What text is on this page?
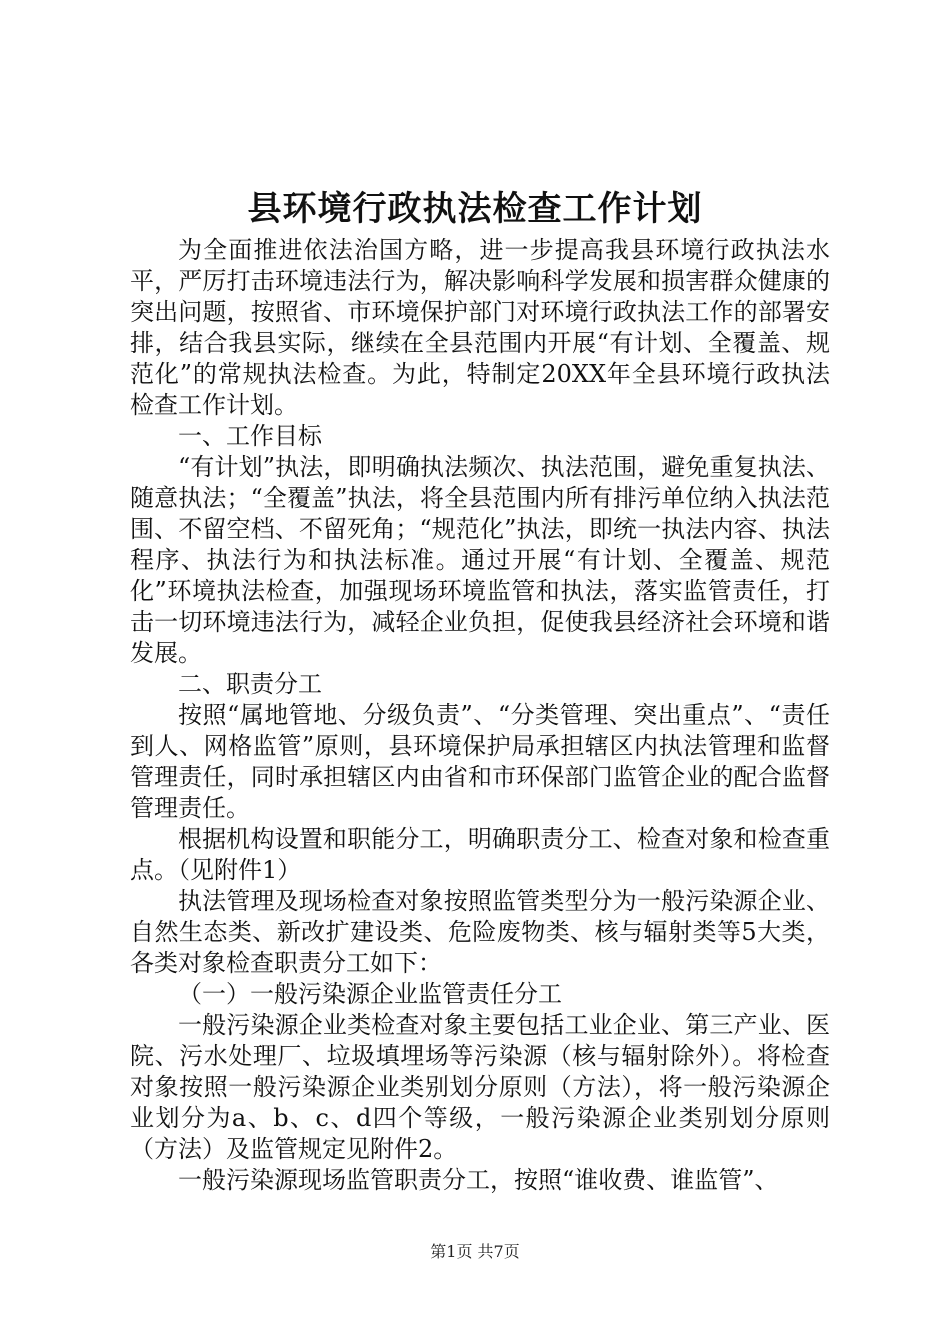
县环境行政执法检查工作计划

为全面推进依法治国方略，进一步提高我县环境行政执法水平，严厉打击环境违法行为，解决影响科学发展和损害群众健康的突出问题，按照省、市环境保护部门对环境行政执法工作的部署安排，结合我县实际，继续在全县范围内开展“有计划、全覆盖、规范化”的常规执法检查。为此，特制定20XX年全县环境行政执法检查工作计划。

一、工作目标

“有计划”执法，即明确执法频次、执法范围，避免重复执法、随意执法；“全覆盖”执法，将全县范围内所有排污单位纳入执法范围、不留空档、不留死角；“规范化”执法，即统一执法内容、执法程序、执法行为和执法标准。通过开展“有计划、全覆盖、规范化”环境执法检查，加强现场环境监管和执法，落实监管责任，打击一切环境违法行为，减轻企业负担，促使我县经济社会环境和谐发展。

二、职责分工

按照“属地管地、分级负责”、“分类管理、突出重点”、“责任到人、网格监管”原则，县环境保护局承担辖区内执法管理和监督管理责任，同时承担辖区内由省和市环保部门监管企业的配合监督管理责任。

根据机构设置和职能分工，明确职责分工、检查对象和检查重点。（见附件1）

执法管理及现场检查对象按照监管类型分为一般污染源企业、自然生态类、新改扩建设类、危险废物类、核与辐射类等5大类，各类对象检查职责分工如下：

（一）一般污染源企业监管责任分工

一般污染源企业类检查对象主要包括工业企业、第三产业、医院、污水处理厂、垃圾填埋场等污染源（核与辐射除外）。将检查对象按照一般污染源企业类别划分原则（方法），将一般污染源企业划分为a、b、c、d四个等级，一般污染源企业类别划分原则（方法）及监管规定见附件2。

一般污染源现场监管职责分工，按照“谁收费、谁监管”、

第1页 共7页
